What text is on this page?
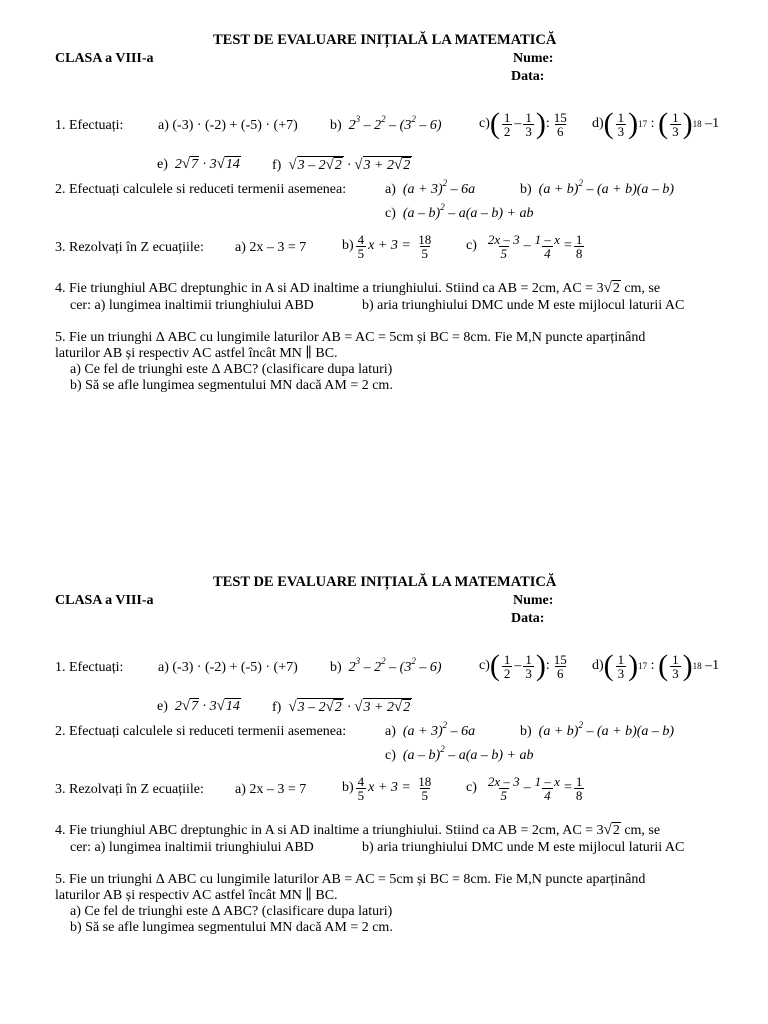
TEST DE EVALUARE INIȚIALĂ LA MATEMATICĂ
CLASA a VIII-a	Nume:
Data:
1. Efectuați: a) (-3) · (-2) + (-5) · (+7) b)  $2^3 - 2^2 - (3^2 - 6)$	c) ( $\frac{1}{2} - \frac{1}{3}$ ) : $\frac{15}{6} d$) ( $\frac{1}{3}$ ) 17 : ( $\frac{1}{3}$ ) 18 –1
e)  2√7 · 3√14 f) √3 – 2√2 · √3 + 2√2
2. Efectuați calculele si reduceti termenii asemenea:	a)  $(a + 3)^2 - 6a$	b)  $(a + b)^2 - (a + b)(a - b)$
c)  (a – b)$^2$ – a(a – b) + ab
3. Rezolvați în Z ecuațiile: a) 2x – 3 = 7	$b) \frac{4}{5}$ $x + 3 = \frac{18}{5} c$)
$\frac{2x - 3}{5} - \frac{1 - x}{4} = \frac{1}{8}$
4. Fie triunghiul ABC dreptunghic in A si AD inaltime a triunghiului. Stiind ca AB = 2cm, AC = 3√2 cm, se
cer: a) lungimea inaltimii triunghiului ABD	b) aria triunghiului DMC unde M este mijlocul laturii AC
5. Fie un triunghi Δ ABC cu lungimile laturilor AB = AC = 5cm și BC = 8cm. Fie M,N puncte aparținând
laturilor AB și respectiv AC astfel încât MN ∥ BC.
a) Ce fel de triunghi este Δ ABC? (clasificare dupa laturi)
b) Să se afle lungimea segmentului MN dacă AM = 2 cm.
TEST DE EVALUARE INIȚIALĂ LA MATEMATICĂ
CLASA a VIII-a	Nume:
Data:
1. Efectuați: a) (-3) · (-2) + (-5) · (+7) b)  $2^3 - 2^2 - (3^2 - 6)$	c) ( $\frac{1}{2} - \frac{1}{3}$ ) : $\frac{15}{6} d$) ( $\frac{1}{3}$ ) 17 : ( $\frac{1}{3}$ ) 18 –1
e)  2√7 · 3√14 f) √3 – 2√2 · √3 + 2√2
2. Efectuați calculele si reduceti termenii asemenea:	a)  $(a + 3)^2 - 6a$	b)  $(a + b)^2 - (a + b)(a - b)$
c)  (a – b)$^2$ – a(a – b) + ab
3. Rezolvați în Z ecuațiile: a) 2x – 3 = 7	$b) \frac{4}{5}$ $x + 3 = \frac{18}{5} c$)
$\frac{2x - 3}{5} - \frac{1 - x}{4} = \frac{1}{8}$
4. Fie triunghiul ABC dreptunghic in A si AD inaltime a triunghiului. Stiind ca AB = 2cm, AC = 3√2 cm, se
cer: a) lungimea inaltimii triunghiului ABD	b) aria triunghiului DMC unde M este mijlocul laturii AC
5. Fie un triunghi Δ ABC cu lungimile laturilor AB = AC = 5cm și BC = 8cm. Fie M,N puncte aparținând
laturilor AB și respectiv AC astfel încât MN ∥ BC.
a) Ce fel de triunghi este Δ ABC? (clasificare dupa laturi)
b) Să se afle lungimea segmentului MN dacă AM = 2 cm.
